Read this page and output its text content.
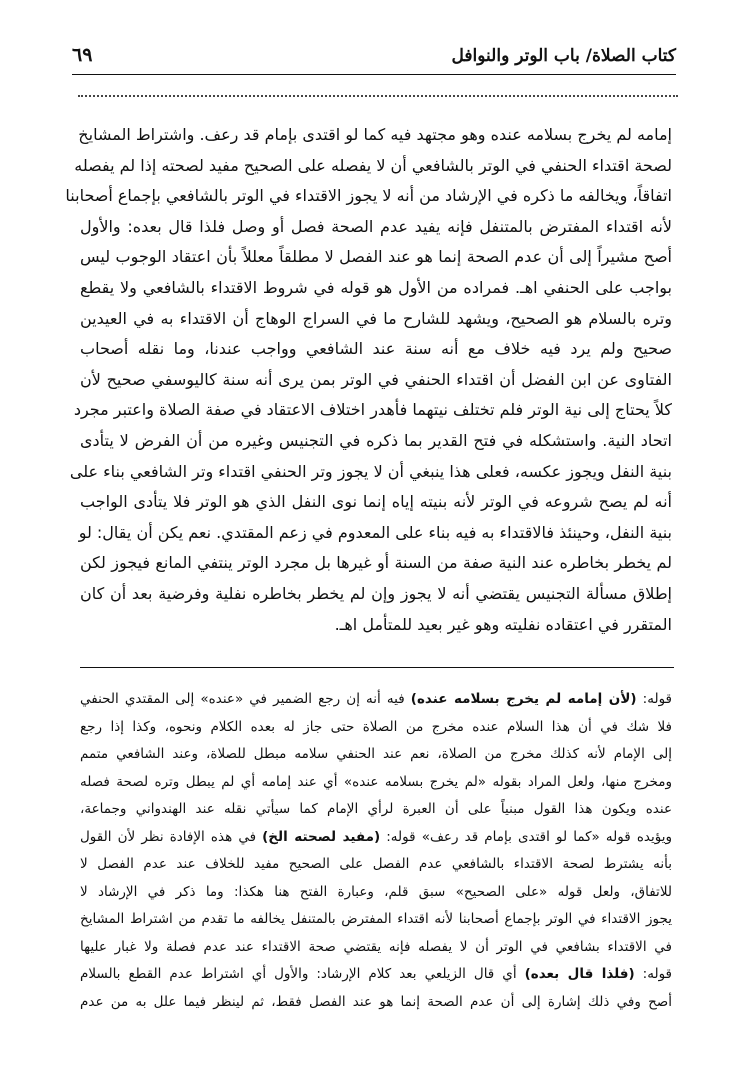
كتاب الصلاة/ باب الوتر والنوافل
٦٩
إمامه لم يخرج بسلامه عنده وهو مجتهد فيه كما لو اقتدى بإمام قد رعف. واشتراط المشايخ
لصحة اقتداء الحنفي في الوتر بالشافعي أن لا يفصله على الصحيح مفيد لصحته إذا لم يفصله
اتفاقاً، ويخالفه ما ذكره في الإرشاد من أنه لا يجوز الاقتداء في الوتر بالشافعي بإجماع أصحابنا
لأنه اقتداء المفترض بالمتنفل فإنه يفيد عدم الصحة فصل أو وصل فلذا قال بعده: والأول
أصح مشيراً إلى أن عدم الصحة إنما هو عند الفصل لا مطلقاً معللاً بأن اعتقاد الوجوب ليس
بواجب على الحنفي اهـ. فمراده من الأول هو قوله في شروط الاقتداء بالشافعي ولا يقطع
وتره بالسلام هو الصحيح، ويشهد للشارح ما في السراج الوهاج أن الاقتداء به في العيدين
صحيح ولم يرد فيه خلاف مع أنه سنة عند الشافعي وواجب عندنا، وما نقله أصحاب
الفتاوى عن ابن الفضل أن اقتداء الحنفي في الوتر بمن يرى أنه سنة كاليوسفي صحيح لأن
كلاً يحتاج إلى نية الوتر فلم تختلف نيتهما فأهدر اختلاف الاعتقاد في صفة الصلاة واعتبر مجرد
اتحاد النية. واستشكله في فتح القدير بما ذكره في التجنيس وغيره من أن الفرض لا يتأدى
بنية النفل ويجوز عكسه، فعلى هذا ينبغي أن لا يجوز وتر الحنفي اقتداء وتر الشافعي بناء على
أنه لم يصح شروعه في الوتر لأنه بنيته إياه إنما نوى النفل الذي هو الوتر فلا يتأدى الواجب
بنية النفل، وحينئذ فالاقتداء به فيه بناء على المعدوم في زعم المقتدي. نعم يكن أن يقال: لو
لم يخطر بخاطره عند النية صفة من السنة أو غيرها بل مجرد الوتر ينتفي المانع فيجوز لكن
إطلاق مسألة التجنيس يقتضي أنه لا يجوز وإن لم يخطر بخاطره نفلية وفرضية بعد أن كان
المتقرر في اعتقاده نفليته وهو غير بعيد للمتأمل اهـ.
قوله: (لأن إمامه لم يخرج بسلامه عنده) فيه أنه إن رجع الضمير في «عنده» إلى المقتدي الحنفي
فلا شك في أن هذا السلام عنده مخرج من الصلاة حتى جاز له بعده الكلام ونحوه، وكذا إذا رجع
إلى الإمام لأنه كذلك مخرج من الصلاة، نعم عند الحنفي سلامه مبطل للصلاة، وعند الشافعي متمم
ومخرج منها، ولعل المراد بقوله «لم يخرج بسلامه عنده» أي عند إمامه أي لم يبطل وتره لصحة فصله
عنده ويكون هذا القول مبنياً على أن العبرة لرأي الإمام كما سيأتي نقله عند الهندواني وجماعة،
ويؤيده قوله «كما لو اقتدى بإمام قد رعف» قوله: (مفيد لصحته الخ) في هذه الإفادة نظر لأن القول
بأنه يشترط لصحة الاقتداء بالشافعي عدم الفصل على الصحيح مفيد للخلاف عند عدم الفصل لا
للاتفاق، ولعل قوله «على الصحيح» سبق قلم، وعبارة الفتح هنا هكذا: وما ذكر في الإرشاد لا
يجوز الاقتداء في الوتر بإجماع أصحابنا لأنه اقتداء المفترض بالمتنفل يخالفه ما تقدم من اشتراط المشايخ
في الاقتداء بشافعي في الوتر أن لا يفصله فإنه يقتضي صحة الاقتداء عند عدم فصلة ولا غبار عليها
قوله: (فلذا قال بعده) أي قال الزيلعي بعد كلام الإرشاد: والأول أي اشتراط عدم القطع بالسلام
أصح وفي ذلك إشارة إلى أن عدم الصحة إنما هو عند الفصل فقط، ثم لينظر فيما علل به من عدم
